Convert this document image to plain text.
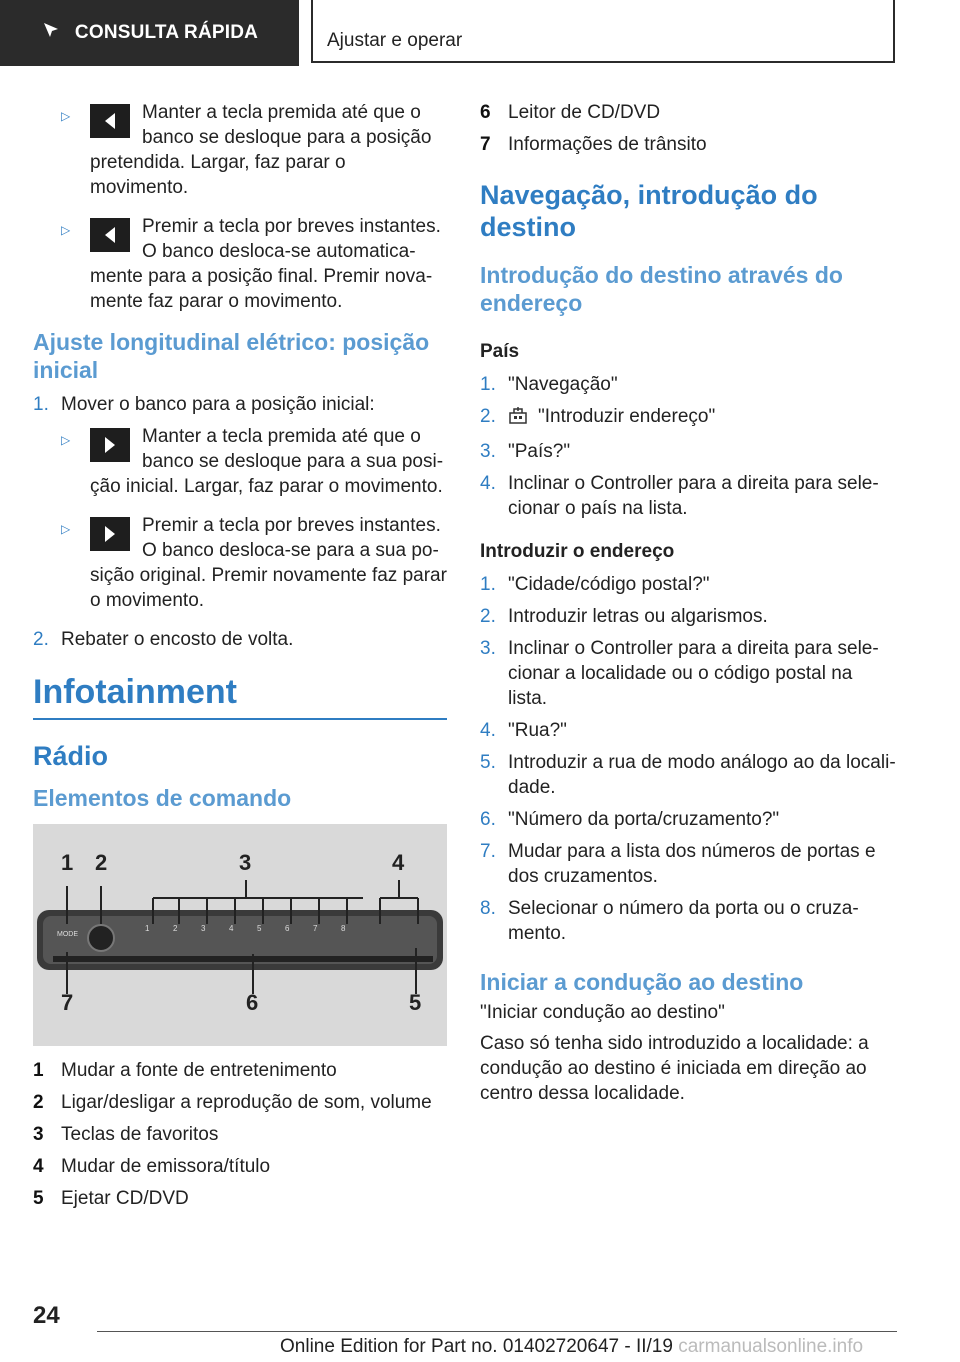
CONSULTA RÁPIDA	Ajustar e operar
▷	Manter a tecla premida até que o banco se desloque para a posição pretendida. Largar, faz parar o movimento.

▷	Premir a tecla por breves instantes. O banco desloca-se automaticamente para a posição final. Premir novamente faz parar o movimento.

Ajuste longitudinal elétrico: posição inicial
1. Mover o banco para a posição inicial:

▷	Manter a tecla premida até que o banco se desloque para a sua posição inicial. Largar, faz parar o movimento.

▷	Premir a tecla por breves instantes. O banco desloca-se para a sua posição original. Premir novamente faz parar o movimento.

2. Rebater o encosto de volta.

Infotainment
Rádio
Elementos de comando
MODE
1	2	3	4	5	6	7	8
1 2	3	4
7	6	5
1 Mudar a fonte de entretenimento

2 Ligar/desligar a reprodução de som, volume

3 Teclas de favoritos

4 Mudar de emissora/título

5 Ejetar CD/DVD

6 Leitor de CD/DVD

7 Informações de trânsito

Navegação, introdução do destino
Introdução do destino através do endereço
País
1. "Navegação"

2.	"Introduzir endereço"

3. "País?"

4. Inclinar o Controller para a direita para selecionar o país na lista.

Introduzir o endereço
1. "Cidade/código postal?"

2. Introduzir letras ou algarismos.

3. Inclinar o Controller para a direita para selecionar a localidade ou o código postal na lista.

4. "Rua?"

5. Introduzir a rua de modo análogo ao da localidade.

6. "Número da porta/cruzamento?"

7. Mudar para a lista dos números de portas e dos cruzamentos.

8. Selecionar o número da porta ou o cruzamento.

Iniciar a condução ao destino

"Iniciar condução ao destino"

Caso só tenha sido introduzido a localidade: a condução ao destino é iniciada em direção ao centro dessa localidade.

24
Online Edition for Part no. 01402720647 - II/19 carmanualsonline.info
